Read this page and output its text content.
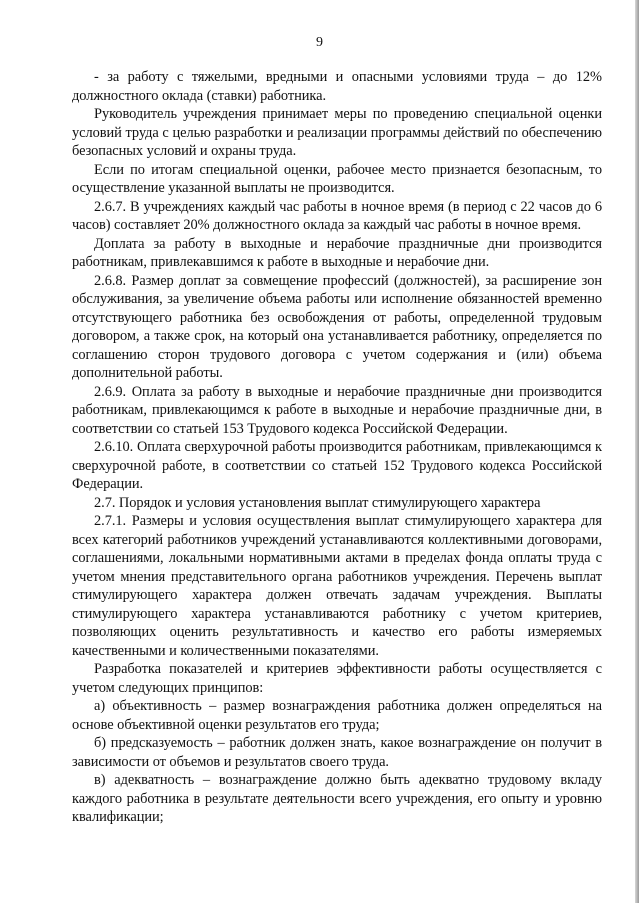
9

- за работу с тяжелыми, вредными и опасными условиями труда – до 12% должностного оклада (ставки) работника.

Руководитель учреждения принимает меры по проведению специальной оценки условий труда с целью разработки и реализации программы действий по обеспечению безопасных условий и охраны труда.

Если по итогам специальной оценки, рабочее место признается безопасным, то осуществление указанной выплаты не производится.

2.6.7. В учреждениях каждый час работы в ночное время (в период с 22 часов до 6 часов) составляет 20% должностного оклада за каждый час работы в ночное время.

Доплата за работу в выходные и нерабочие праздничные дни производится работникам, привлекавшимся к работе в выходные и нерабочие дни.

2.6.8. Размер доплат за совмещение профессий (должностей), за расширение зон обслуживания, за увеличение объема работы или исполнение обязанностей временно отсутствующего работника без освобождения от работы, определенной трудовым договором, а также срок, на который она устанавливается работнику, определяется по соглашению сторон трудового договора с учетом содержания и (или) объема дополнительной работы.

2.6.9. Оплата за работу в выходные и нерабочие праздничные дни производится работникам, привлекающимся к работе в выходные и нерабочие праздничные дни, в соответствии со статьей 153 Трудового кодекса Российской Федерации.

2.6.10. Оплата сверхурочной работы производится работникам, привлекающимся к сверхурочной работе, в соответствии со статьей 152 Трудового кодекса Российской Федерации.

2.7. Порядок и условия установления выплат стимулирующего характера

2.7.1. Размеры и условия осуществления выплат стимулирующего характера для всех категорий работников учреждений устанавливаются коллективными договорами, соглашениями, локальными нормативными актами в пределах фонда оплаты труда с учетом мнения представительного органа работников учреждения. Перечень выплат стимулирующего характера должен отвечать задачам учреждения. Выплаты стимулирующего характера устанавливаются работнику с учетом критериев, позволяющих оценить результативность и качество его работы измеряемых качественными и количественными показателями.

Разработка показателей и критериев эффективности работы осуществляется с учетом следующих принципов:

а) объективность – размер вознаграждения работника должен определяться на основе объективной оценки результатов его труда;

б) предсказуемость – работник должен знать, какое вознаграждение он получит в зависимости от объемов и результатов своего труда.

в) адекватность – вознаграждение должно быть адекватно трудовому вкладу каждого работника в результате деятельности всего учреждения, его опыту и уровню квалификации;
